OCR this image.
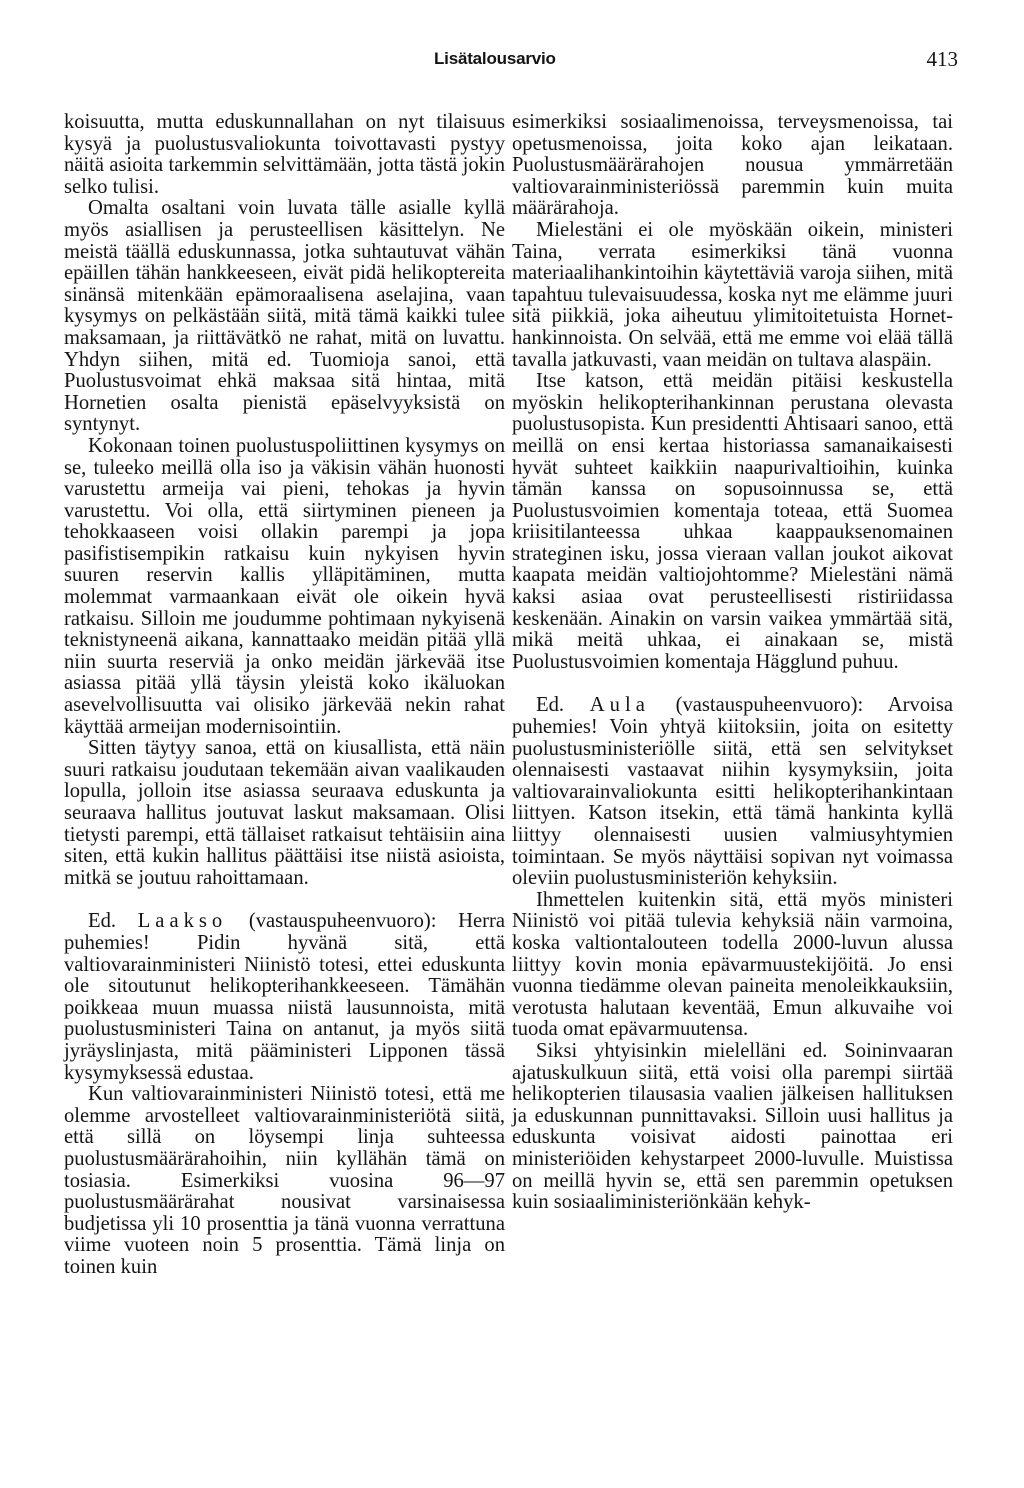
Lisätalousarvio	413

koisuutta, mutta eduskunnallahan on nyt tilaisuus kysyä ja puolustusvaliokunta toivottavasti pystyy näitä asioita tarkemmin selvittämään, jotta tästä jokin selko tulisi.

Omalta osaltani voin luvata tälle asialle kyllä myös asiallisen ja perusteellisen käsittelyn. Ne meistä täällä eduskunnassa, jotka suhtautuvat vähän epäillen tähän hankkeeseen, eivät pidä helikoptereita sinänsä mitenkään epämoraalisena aselajina, vaan kysymys on pelkästään siitä, mitä tämä kaikki tulee maksamaan, ja riittävätkö ne rahat, mitä on luvattu. Yhdyn siihen, mitä ed. Tuomioja sanoi, että Puolustusvoimat ehkä maksaa sitä hintaa, mitä Hornetien osalta pienistä epäselvyyksistä on syntynyt.

Kokonaan toinen puolustuspoliittinen kysymys on se, tuleeko meillä olla iso ja väkisin vähän huonosti varustettu armeija vai pieni, tehokas ja hyvin varustettu. Voi olla, että siirtyminen pieneen ja tehokkaaseen voisi ollakin parempi ja jopa pasifistisempikin ratkaisu kuin nykyisen hyvin suuren reservin kallis ylläpitäminen, mutta molemmat varmaankaan eivät ole oikein hyvä ratkaisu. Silloin me joudumme pohtimaan nykyisenä teknistyneenä aikana, kannattaako meidän pitää yllä niin suurta reserviä ja onko meidän järkevää itse asiassa pitää yllä täysin yleistä koko ikäluokan asevelvollisuutta vai olisiko järkevää nekin rahat käyttää armeijan modernisointiin.

Sitten täytyy sanoa, että on kiusallista, että näin suuri ratkaisu joudutaan tekemään aivan vaalikauden lopulla, jolloin itse asiassa seuraava eduskunta ja seuraava hallitus joutuvat laskut maksamaan. Olisi tietysti parempi, että tällaiset ratkaisut tehtäisiin aina siten, että kukin hallitus päättäisi itse niistä asioista, mitkä se joutuu rahoittamaan.

Ed. Laakso (vastauspuheenvuoro): Herra puhemies! Pidin hyvänä sitä, että valtiovarainministeri Niinistö totesi, ettei eduskunta ole sitoutunut helikopterihankkeeseen. Tämähän poikkeaa muun muassa niistä lausunnoista, mitä puolustusministeri Taina on antanut, ja myös siitä jyräyslinjasta, mitä pääministeri Lipponen tässä kysymyksessä edustaa.

Kun valtiovarainministeri Niinistö totesi, että me olemme arvostelleet valtiovarainministeriötä siitä, että sillä on löysempi linja suhteessa puolustusmäärärahoihin, niin kyllähän tämä on tosiasia. Esimerkiksi vuosina 96—97 puolustusmäärärahat nousivat varsinaisessa budjetissa yli 10 prosenttia ja tänä vuonna verrattuna viime vuoteen noin 5 prosenttia. Tämä linja on toinen kuin

esimerkiksi sosiaalimenoissa, terveysmenoissa, tai opetusmenoissa, joita koko ajan leikataan. Puolustusmäärärahojen nousua ymmärretään valtiovarainministeriössä paremmin kuin muita määrärahoja.

Mielestäni ei ole myöskään oikein, ministeri Taina, verrata esimerkiksi tänä vuonna materiaalihankintoihin käytettäviä varoja siihen, mitä tapahtuu tulevaisuudessa, koska nyt me elämme juuri sitä piikkiä, joka aiheutuu ylimitoitetuista Hornet-hankinnoista. On selvää, että me emme voi elää tällä tavalla jatkuvasti, vaan meidän on tultava alaspäin.

Itse katson, että meidän pitäisi keskustella myöskin helikopterihankinnan perustana olevasta puolustusopista. Kun presidentti Ahtisaari sanoo, että meillä on ensi kertaa historiassa samanaikaisesti hyvät suhteet kaikkiin naapurivaltioihin, kuinka tämän kanssa on sopusoinnussa se, että Puolustusvoimien komentaja toteaa, että Suomea kriisitilanteessa uhkaa kaappauksenomainen strateginen isku, jossa vieraan vallan joukot aikovat kaapata meidän valtiojohtomme? Mielestäni nämä kaksi asiaa ovat perusteellisesti ristiriidassa keskenään. Ainakin on varsin vaikea ymmärtää sitä, mikä meitä uhkaa, ei ainakaan se, mistä Puolustusvoimien komentaja Hägglund puhuu.

Ed. Aula (vastauspuheenvuoro): Arvoisa puhemies! Voin yhtyä kiitoksiin, joita on esitetty puolustusministeriölle siitä, että sen selvitykset olennaisesti vastaavat niihin kysymyksiin, joita valtiovarainvaliokunta esitti helikopterihankintaan liittyen. Katson itsekin, että tämä hankinta kyllä liittyy olennaisesti uusien valmiusyhtymien toimintaan. Se myös näyttäisi sopivan nyt voimassa oleviin puolustusministeriön kehyksiin.

Ihmettelen kuitenkin sitä, että myös ministeri Niinistö voi pitää tulevia kehyksiä näin varmoina, koska valtiontalouteen todella 2000-luvun alussa liittyy kovin monia epävarmuustekijöitä. Jo ensi vuonna tiedämme olevan paineita menoleikkauksiin, verotusta halutaan keventää, Emun alkuvaihe voi tuoda omat epävarmuutensa.

Siksi yhtyisinkin mielelläni ed. Soininvaaran ajatuskulkuun siitä, että voisi olla parempi siirtää helikopterien tilausasia vaalien jälkeisen hallituksen ja eduskunnan punnittavaksi. Silloin uusi hallitus ja eduskunta voisivat aidosti painottaa eri ministeriöiden kehystarpeet 2000-luvulle. Muistissa on meillä hyvin se, että sen paremmin opetuksen kuin sosiaaliministeriönkään kehyk-
